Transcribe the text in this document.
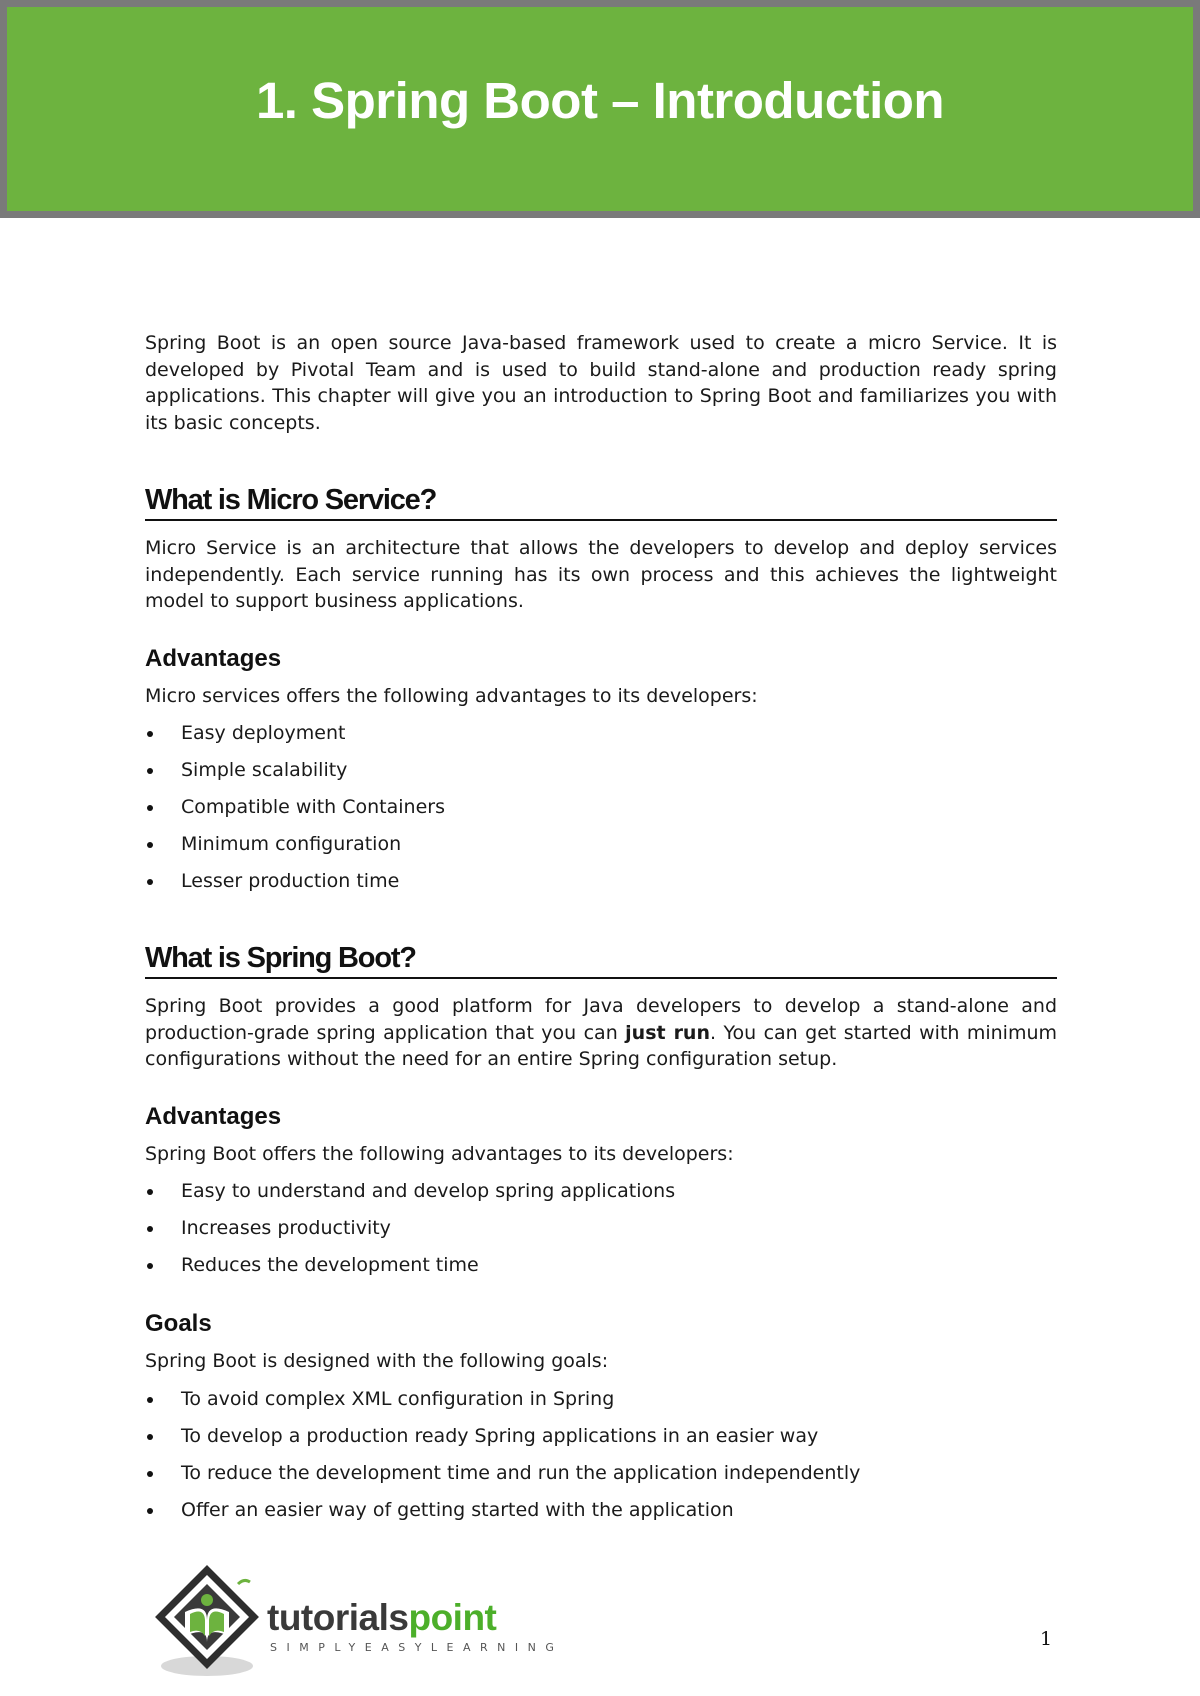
1. Spring Boot – Introduction

Spring Boot is an open source Java-based framework used to create a micro Service. It is developed by Pivotal Team and is used to build stand-alone and production ready spring applications. This chapter will give you an introduction to Spring Boot and familiarizes you with its basic concepts.

What is Micro Service?

Micro Service is an architecture that allows the developers to develop and deploy services independently. Each service running has its own process and this achieves the lightweight model to support business applications.

Advantages

Micro services offers the following advantages to its developers:

Easy deployment
Simple scalability
Compatible with Containers
Minimum configuration
Lesser production time
What is Spring Boot?

Spring Boot provides a good platform for Java developers to develop a stand-alone and production-grade spring application that you can just run. You can get started with minimum configurations without the need for an entire Spring configuration setup.

Advantages

Spring Boot offers the following advantages to its developers:

Easy to understand and develop spring applications
Increases productivity
Reduces the development time
Goals

Spring Boot is designed with the following goals:

To avoid complex XML configuration in Spring
To develop a production ready Spring applications in an easier way
To reduce the development time and run the application independently
Offer an easier way of getting started with the application
tutorialspoint
SIMPLYEASYLEARNING	1
